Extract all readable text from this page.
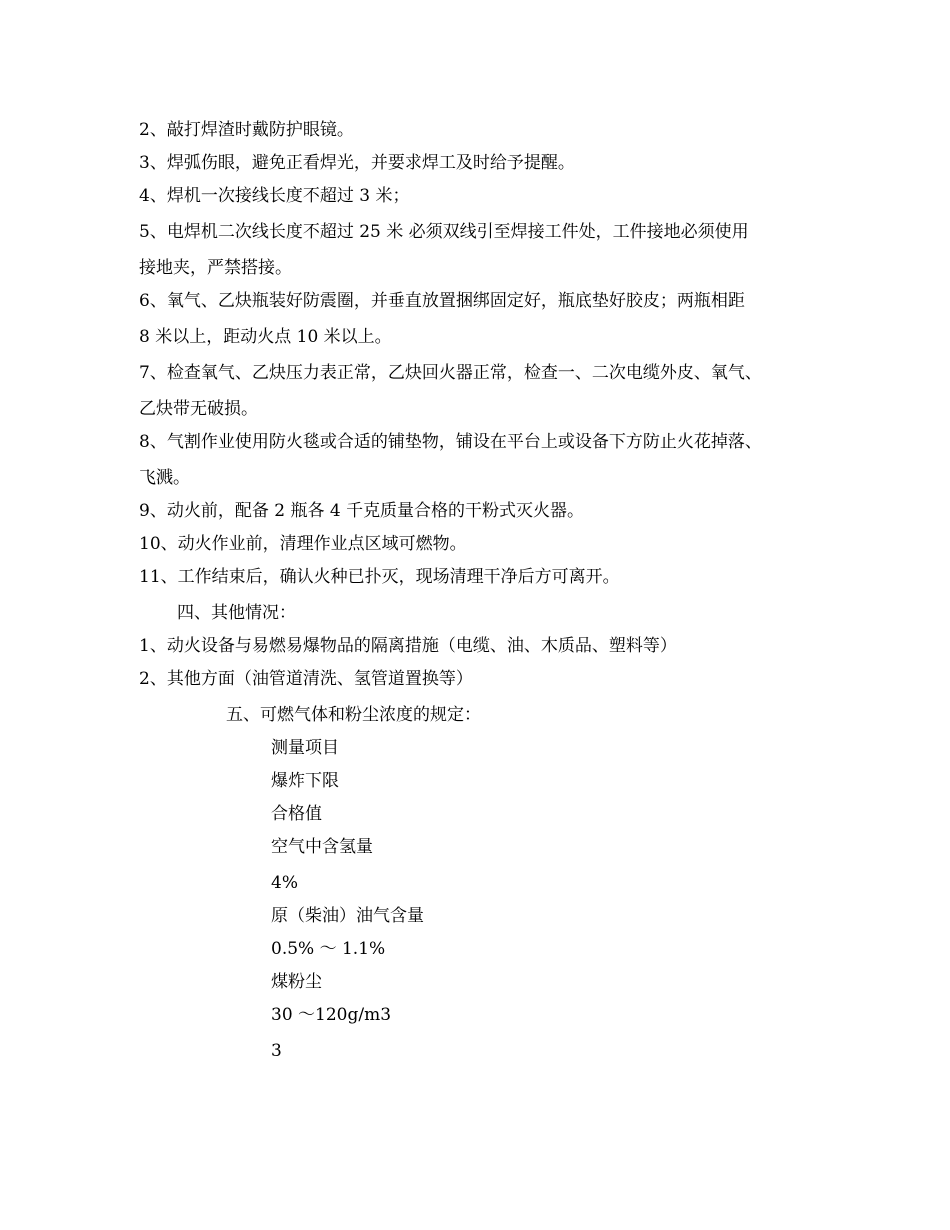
2、敲打焊渣时戴防护眼镜。
3、焊弧伤眼，避免正看焊光，并要求焊工及时给予提醒。
4、焊机一次接线长度不超过 3 米；
5、电焊机二次线长度不超过 25 米 必须双线引至焊接工件处，工件接地必须使用
接地夹，严禁搭接。
6、氧气、乙炔瓶装好防震圈，并垂直放置捆绑固定好，瓶底垫好胶皮；两瓶相距
8 米以上，距动火点 10 米以上。
7、检查氧气、乙炔压力表正常，乙炔回火器正常，检查一、二次电缆外皮、氧气、
乙炔带无破损。
8、气割作业使用防火毯或合适的铺垫物，铺设在平台上或设备下方防止火花掉落、
飞溅。
9、动火前，配备 2 瓶各 4 千克质量合格的干粉式灭火器。
10、动火作业前，清理作业点区域可燃物。
11、工作结束后，确认火种已扑灭，现场清理干净后方可离开。
四、其他情况：
1、动火设备与易燃易爆物品的隔离措施（电缆、油、木质品、塑料等）
2、其他方面（油管道清洗、氢管道置换等）
五、可燃气体和粉尘浓度的规定：
测量项目
爆炸下限
合格值
空气中含氢量
4%
原（柴油）油气含量
0.5% ～ 1.1%
煤粉尘
30 ～120g/m3
3
